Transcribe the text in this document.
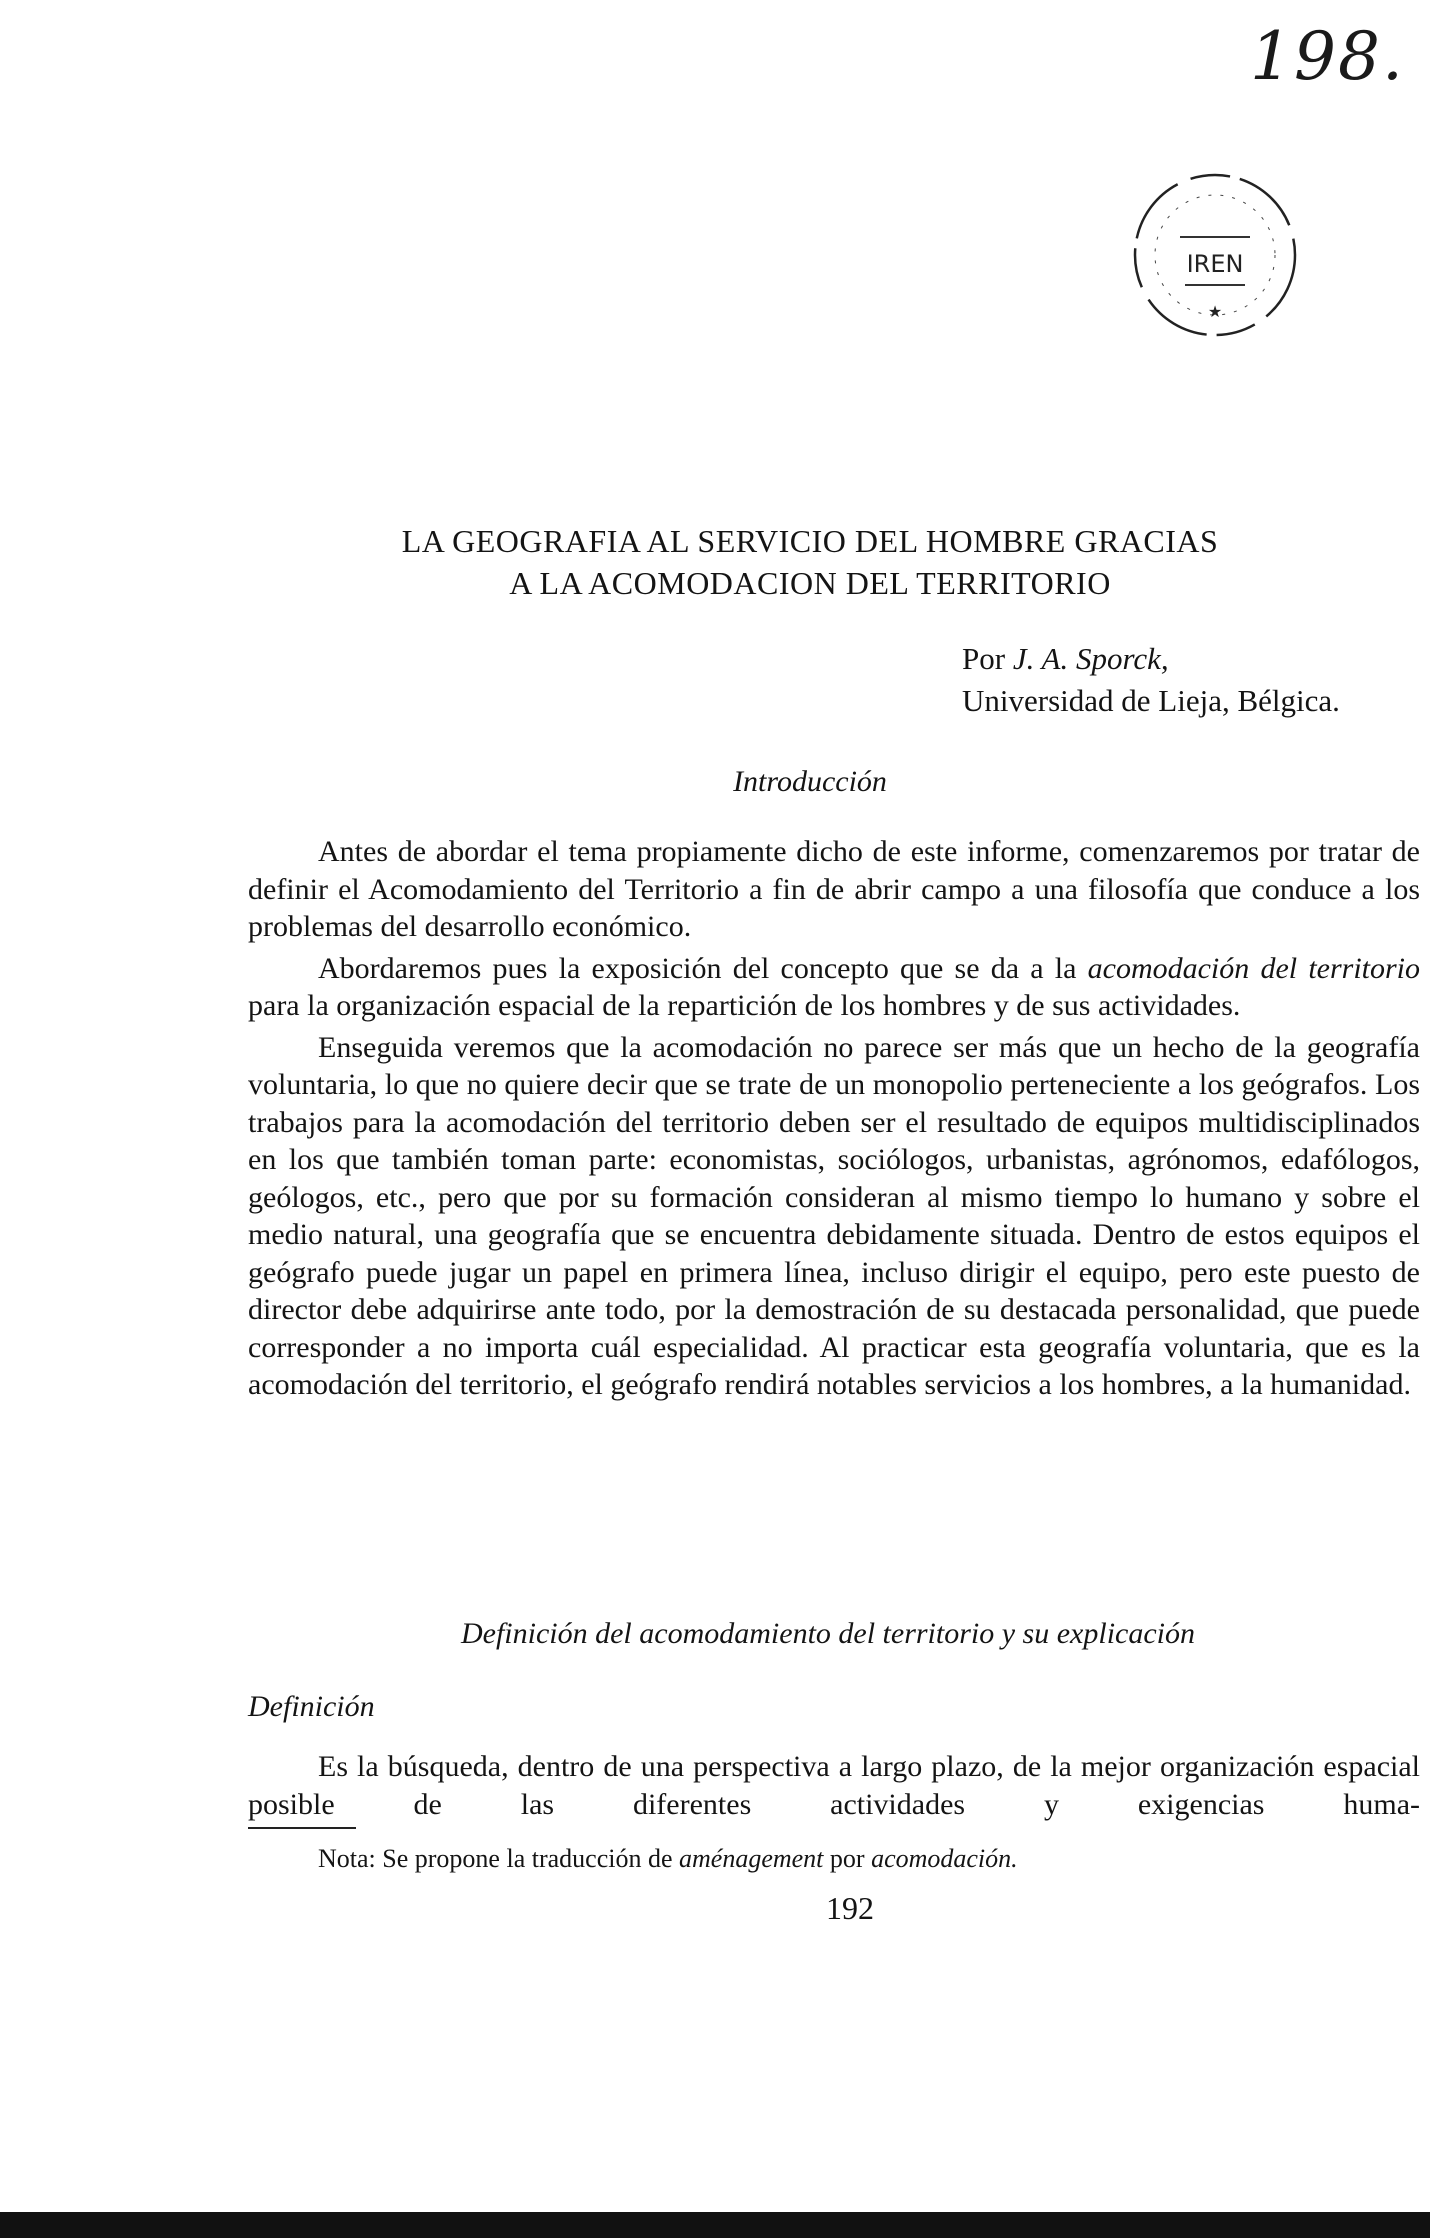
198.
IREN
★
LA GEOGRAFIA AL SERVICIO DEL HOMBRE GRACIAS
A LA ACOMODACION DEL TERRITORIO
Por J. A. Sporck,
Universidad de Lieja, Bélgica.
Introducción

Antes de abordar el tema propiamente dicho de este informe, comenzaremos por tratar de definir el Acomodamiento del Territorio a fin de abrir campo a una filosofía que conduce a los problemas del desarrollo económico.

Abordaremos pues la exposición del concepto que se da a la acomodación del territorio para la organización espacial de la repartición de los hombres y de sus actividades.

Enseguida veremos que la acomodación no parece ser más que un hecho de la geografía voluntaria, lo que no quiere decir que se trate de un monopolio perteneciente a los geógrafos. Los trabajos para la acomodación del territorio deben ser el resultado de equipos multidisciplinados en los que también toman parte: economistas, sociólogos, urbanistas, agrónomos, edafólogos, geólogos, etc., pero que por su formación consideran al mismo tiempo lo humano y sobre el medio natural, una geografía que se encuentra debidamente situada. Dentro de estos equipos el geógrafo puede jugar un papel en primera línea, incluso dirigir el equipo, pero este puesto de director debe adquirirse ante todo, por la demostración de su destacada personalidad, que puede corresponder a no importa cuál especialidad. Al practicar esta geografía voluntaria, que es la acomodación del territorio, el geógrafo rendirá notables servicios a los hombres, a la humanidad.

Definición del acomodamiento del territorio y su explicación
Definición

Es la búsqueda, dentro de una perspectiva a largo plazo, de la mejor organización espacial posible de las diferentes actividades y exigencias huma-

Nota: Se propone la traducción de aménagement por acomodación.
192
